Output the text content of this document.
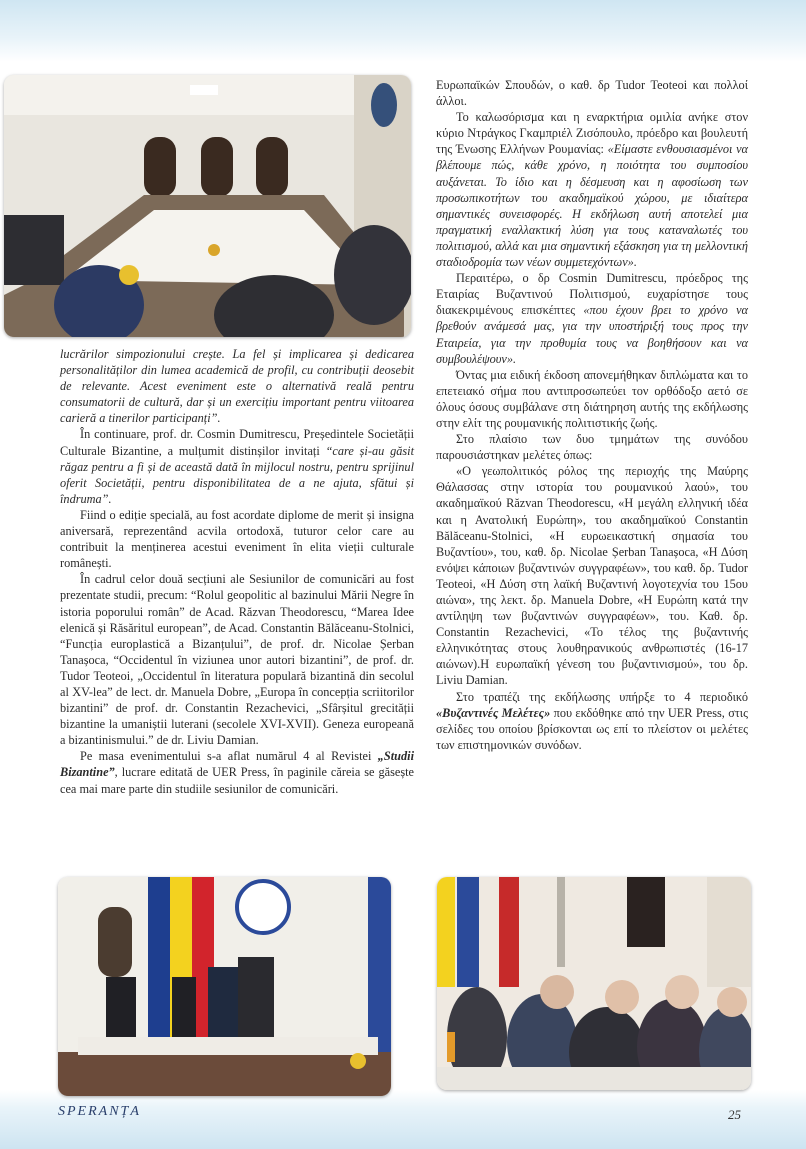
lucrărilor simpozionului crește. La fel și implicarea și dedicarea personalităților din lumea academică de profil, cu contribuții deosebit de relevante. Acest eveniment este o alternativă reală pentru consumatorii de cultură, dar și un exercițiu important pentru viitoarea carieră a tinerilor participanți”.

În continuare, prof. dr. Cosmin Dumitrescu, Președintele Societății Culturale Bizantine, a mulțumit distinșilor invitați “care și-au găsit răgaz pentru a fi și de această dată în mijlocul nostru, pentru sprijinul oferit Societății, pentru disponibilitatea de a ne ajuta, sfătui și îndruma”.

Fiind o ediție specială, au fost acordate diplome de merit și insigna aniversară, reprezentând acvila ortodoxă, tuturor celor care au contribuit la menținerea acestui eveniment în elita vieții culturale românești.

În cadrul celor două secțiuni ale Sesiunilor de comunicări au fost prezentate studii, precum: “Rolul geopolitic al bazinului Mării Negre în istoria poporului român” de Acad. Răzvan Theodorescu, “Marea Idee elenică și Răsăritul european”, de Acad. Constantin Bălăceanu-Stolnici, “Funcția europlastică a Bizanțului”, de prof. dr. Nicolae Șerban Tanașoca, “Occidentul în viziunea unor autori bizantini”, de prof. dr. Tudor Teoteoi, „Occidentul în literatura populară bizantină din secolul al XV-lea” de lect. dr. Manuela Dobre, „Europa în concepția scriitorilor bizantini” de prof. dr. Constantin Rezachevici, „Sfârșitul grecității bizantine la umaniștii luterani (secolele XVI-XVII). Geneza europeană a bizantinismului.” de dr. Liviu Damian.

Pe masa evenimentului s-a aflat numărul 4 al Revistei „Studii Bizantine”, lucrare editată de UER Press, în paginile căreia se găsește cea mai mare parte din studiile sesiunilor de comunicări.

Ευρωπαϊκών Σπουδών, ο καθ. δρ Tudor Teoteoi και πολλοί άλλοι.

Το καλωσόρισμα και η εναρκτήρια ομιλία ανήκε στον κύριο Ντράγκος Γκαμπριέλ Ζισόπουλο, πρόεδρο και βουλευτή της Ένωσης Ελλήνων Ρουμανίας: «Είμαστε ενθουσιασμένοι να βλέπουμε πώς, κάθε χρόνο, η ποιότητα του συμποσίου αυξάνεται. Το ίδιο και η δέσμευση και η αφοσίωση των προσωπικοτήτων του ακαδημαϊκού χώρου, με ιδιαίτερα σημαντικές συνεισφορές. Η εκδήλωση αυτή αποτελεί μια πραγματική εναλλακτική λύση για τους καταναλωτές του πολιτισμού, αλλά και μια σημαντική εξάσκηση για τη μελλοντική σταδιοδρομία των νέων συμμετεχόντων».

Περαιτέρω, ο δρ Cosmin Dumitrescu, πρόεδρος της Εταιρίας Βυζαντινού Πολιτισμού, ευχαρίστησε τους διακεκριμένους επισκέπτες «που έχουν βρει το χρόνο να βρεθούν ανάμεσά μας, για την υποστήριξή τους προς την Εταιρεία, για την προθυμία τους να βοηθήσουν και να συμβουλέψουν».

Όντας μια ειδική έκδοση απονεμήθηκαν διπλώματα και το επετειακό σήμα που αντιπροσωπεύει τον ορθόδοξο αετό σε όλους όσους συμβάλανε στη διάτηρηση αυτής της εκδήλωσης στην ελίτ της ρουμανικής πολιτιστικής ζωής.

Στο πλαίσιο των δυο τμημάτων της συνόδου παρουσιάστηκαν μελέτες όπως:

«Ο γεωπολιτικός ρόλος της περιοχής της Μαύρης Θάλασσας στην ιστορία του ρουμανικού λαού», του ακαδημαϊκού Răzvan Theodorescu, «Η μεγάλη ελληνική ιδέα και η Ανατολική Ευρώπη», του ακαδημαϊκού Constantin Bălăceanu-Stolnici, «Η ευρωεικαστική σημασία του Βυζαντίου», του, καθ. δρ. Nicolae Șerban Tanașoca, «Η Δύση ενόψει κάποιων βυζαντινών συγγραφέων», του καθ. δρ. Tudor Teoteoi, «Η Δύση στη λαϊκή Βυζαντινή λογοτεχνία του 15ου αιώνα», της λεκτ. δρ. Manuela Dobre, «Η Ευρώπη κατά την αντίληψη των βυζαντινών συγγραφέων», του. Καθ. δρ. Constantin Rezachevici, «Το τέλος της βυζαντινής ελληνικότητας στους λουθηρανικούς ανθρωπιστές (16-17 αιώνων).Η ευρωπαϊκή γένεση του βυζαντινισμού», του δρ. Liviu Damian.

Στο τραπέζι της εκδήλωσης υπήρξε το 4 περιοδικό «Βυζαντινές Μελέτες» που εκδόθηκε από την UER Press, στις σελίδες του οποίου βρίσκονται ως επί το πλείστον οι μελέτες των επιστημονικών συνόδων.

SPERANȚA	25
